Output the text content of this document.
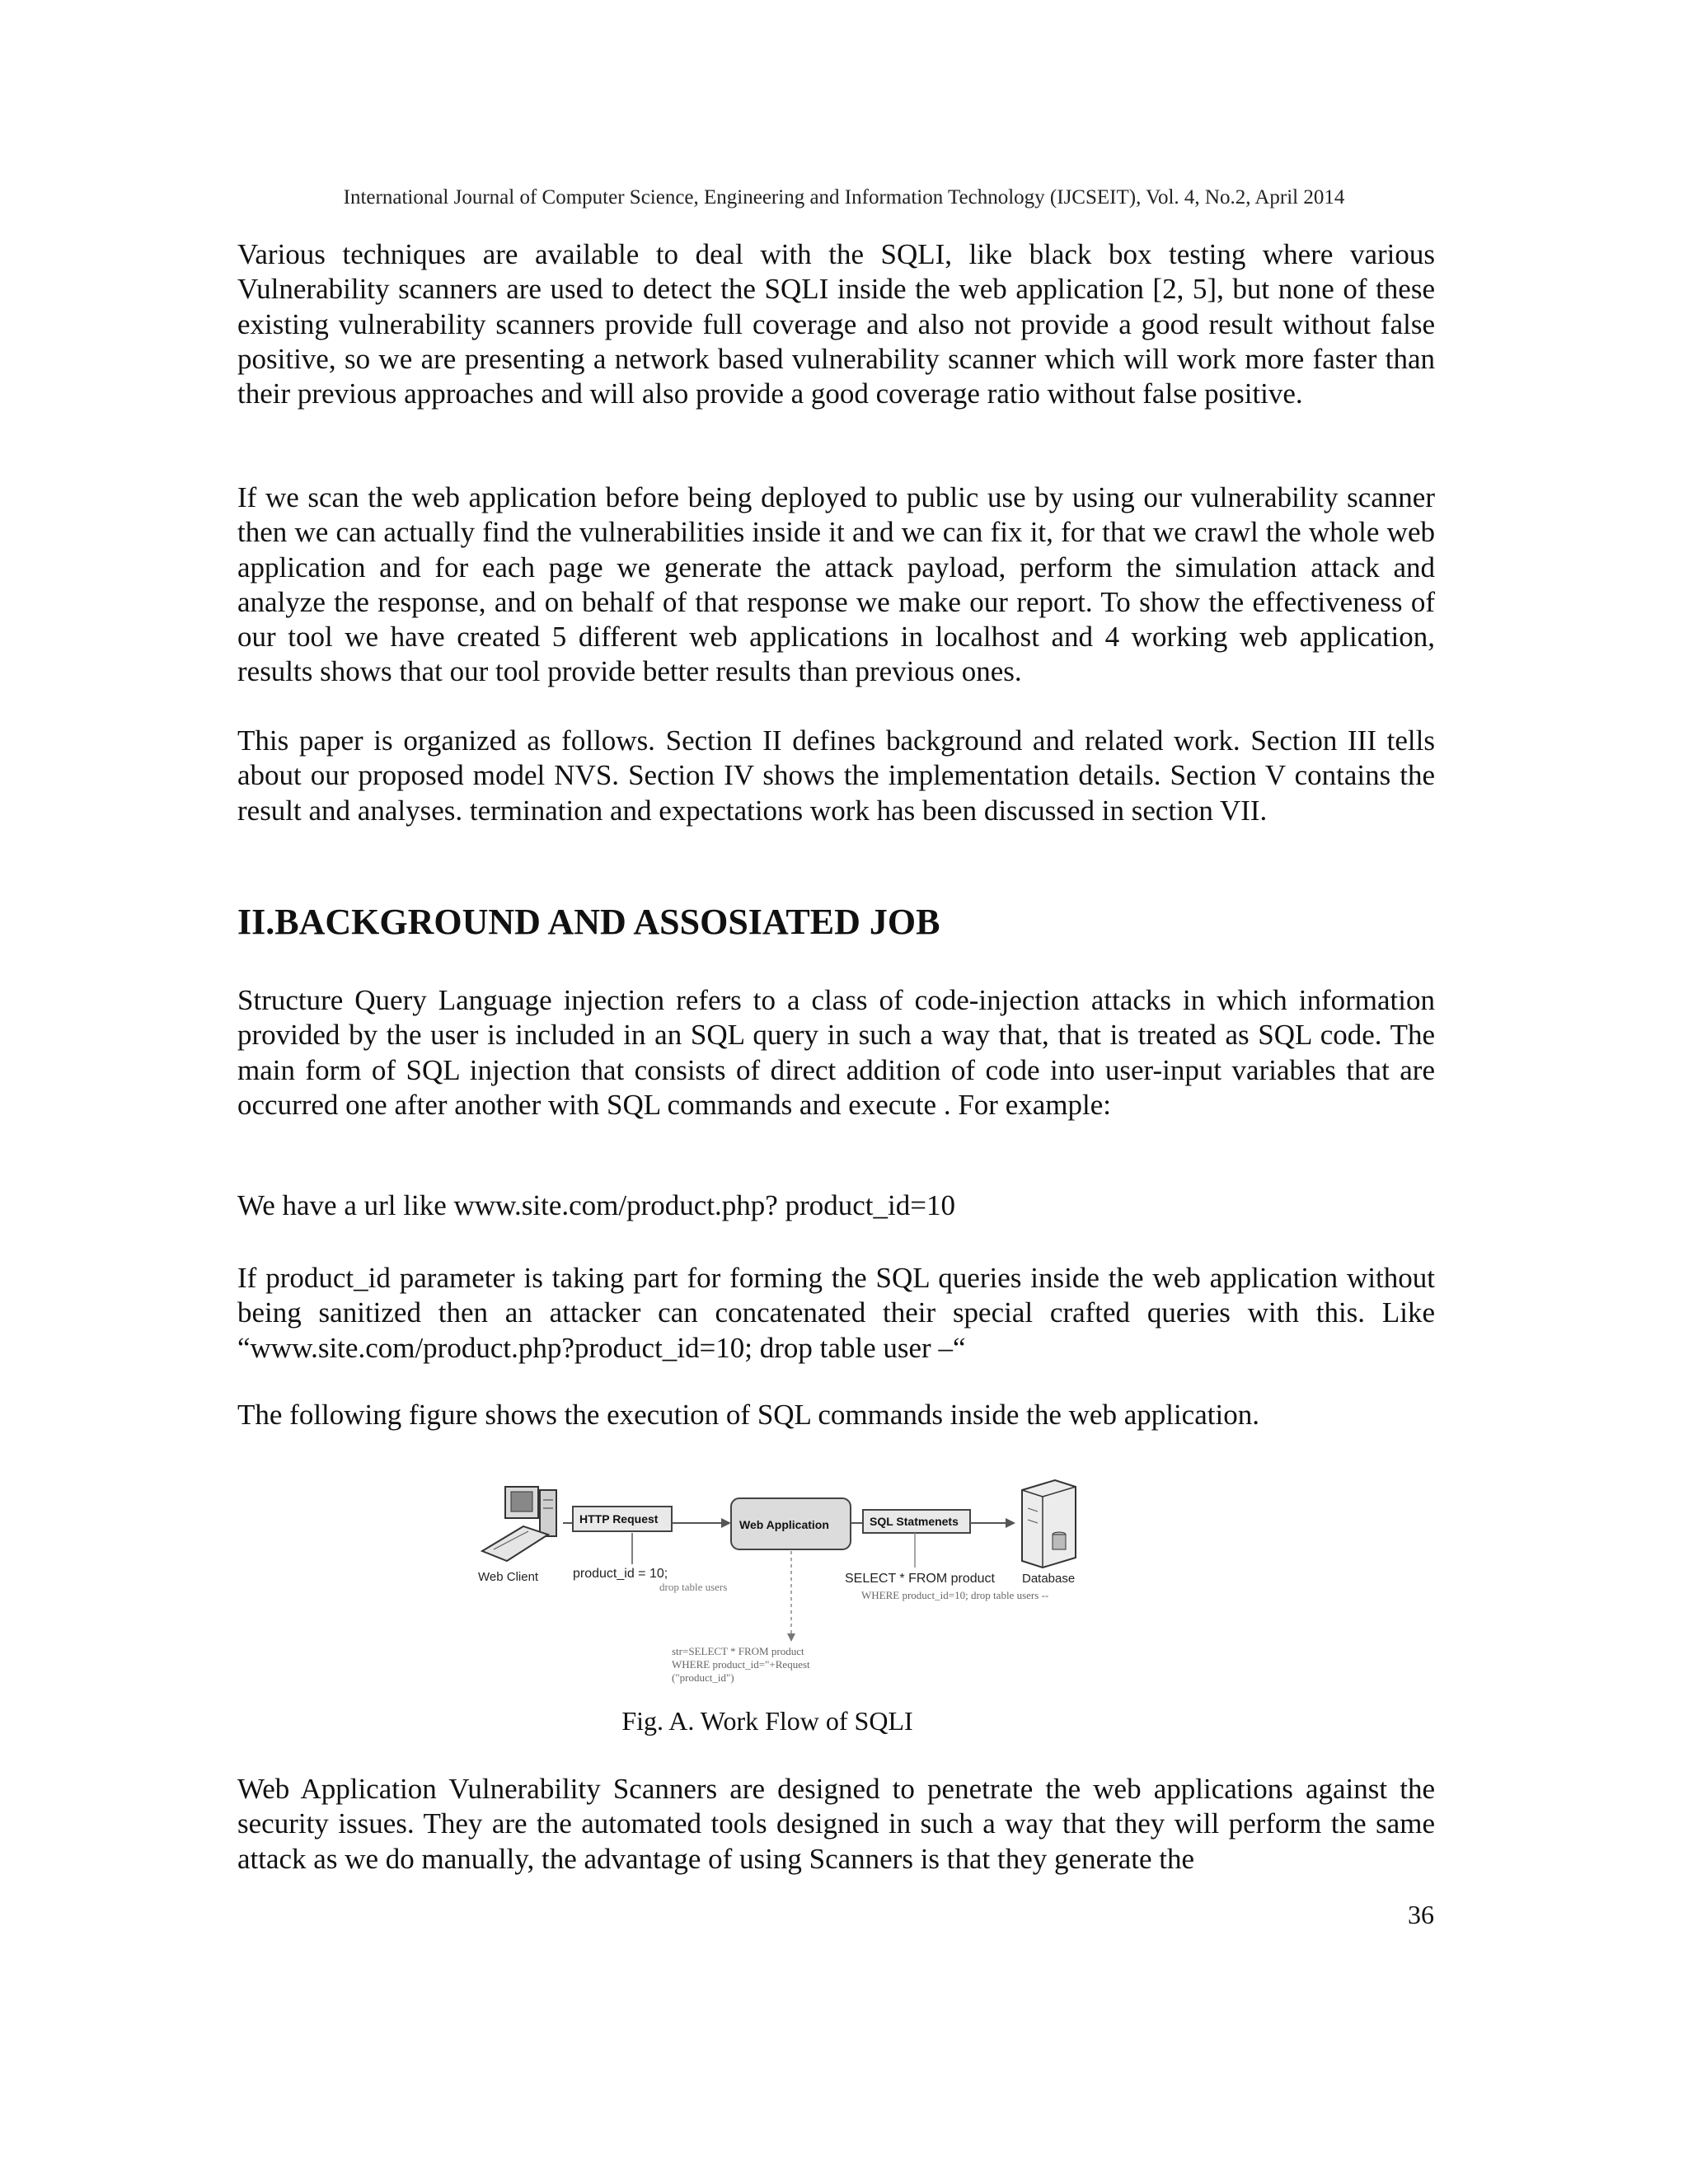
International Journal of Computer Science, Engineering and Information Technology (IJCSEIT), Vol. 4, No.2, April 2014
Various techniques are available to deal with the SQLI, like black box testing where various Vulnerability scanners are used to detect the SQLI inside the web application [2, 5], but none of these existing vulnerability scanners provide full coverage and also not provide a good result without false positive, so we are presenting a network based vulnerability scanner which will work more faster than their previous approaches and will also provide a good coverage ratio without false positive.
If we scan the web application before being deployed to public use by using our vulnerability scanner then we can actually find the vulnerabilities inside it and we can fix it, for that we crawl the whole web application and for each page we generate the attack payload, perform the simulation attack and analyze the response, and on behalf of that response we make our report. To show the effectiveness of our tool we have created 5 different web applications in localhost and 4 working web application, results shows that our tool provide better results than previous ones.
This paper is organized as follows. Section II defines background and related work. Section III tells about our proposed model NVS. Section IV shows the implementation details. Section V contains the result and analyses. termination and expectations work has been discussed in section VII.
II.BACKGROUND AND ASSOSIATED JOB
Structure Query Language injection refers to a class of code-injection attacks in which information provided by the user is included in an SQL query in such a way that, that is treated as SQL code. The main form of SQL injection that consists of direct addition of code into user-input variables that are occurred one after another with SQL commands and execute . For example:
We have a url like www.site.com/product.php? product_id=10
If product_id parameter is taking part for forming the SQL queries inside the web application without being sanitized then an attacker can concatenated their special crafted queries with this. Like “www.site.com/product.php?product_id=10; drop table user –“
The following figure shows the execution of SQL commands inside the web application.
Web Client
HTTP Request	Web Application	SQL Statmenets
Database
product_id = 10;
drop table users
SELECT * FROM product
WHERE product_id=10; drop table users --
str=SELECT * FROM product
WHERE product_id="+Request
("product_id")
Fig. A. Work Flow of SQLI
Web Application Vulnerability Scanners are designed to penetrate the web applications against the security issues. They are the automated tools designed in such a way that they will perform the same attack as we do manually, the advantage of using Scanners is that they generate the
36
